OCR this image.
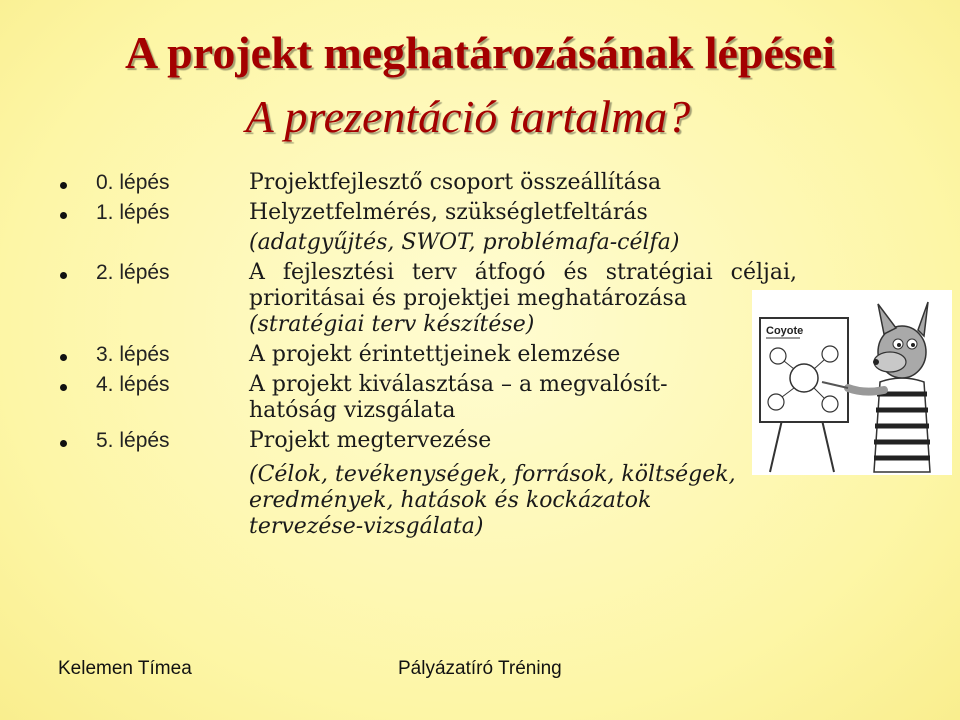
A projekt meghatározásának lépései
A prezentáció tartalma?
0. lépés	Projektfejlesztő csoport összeállítása
1. lépés	Helyzetfelmérés, szükségletfeltárás
(adatgyűjtés, SWOT, problémafa-célfa)
2. lépés	A fejlesztési terv átfogó és stratégiai céljai,
prioritásai és projektjei meghatározása
(stratégiai terv készítése)
3. lépés	A projekt érintettjeinek elemzése
4. lépés	A projekt kiválasztása – a megvalósít-
hatóság vizsgálata
5. lépés	Projekt megtervezése
(Célok, tevékenységek, források, költségek,
eredmények, hatások és kockázatok
tervezése-vizsgálata)
Coyote
Kelemen Tímea	Pályázatíró Tréning
